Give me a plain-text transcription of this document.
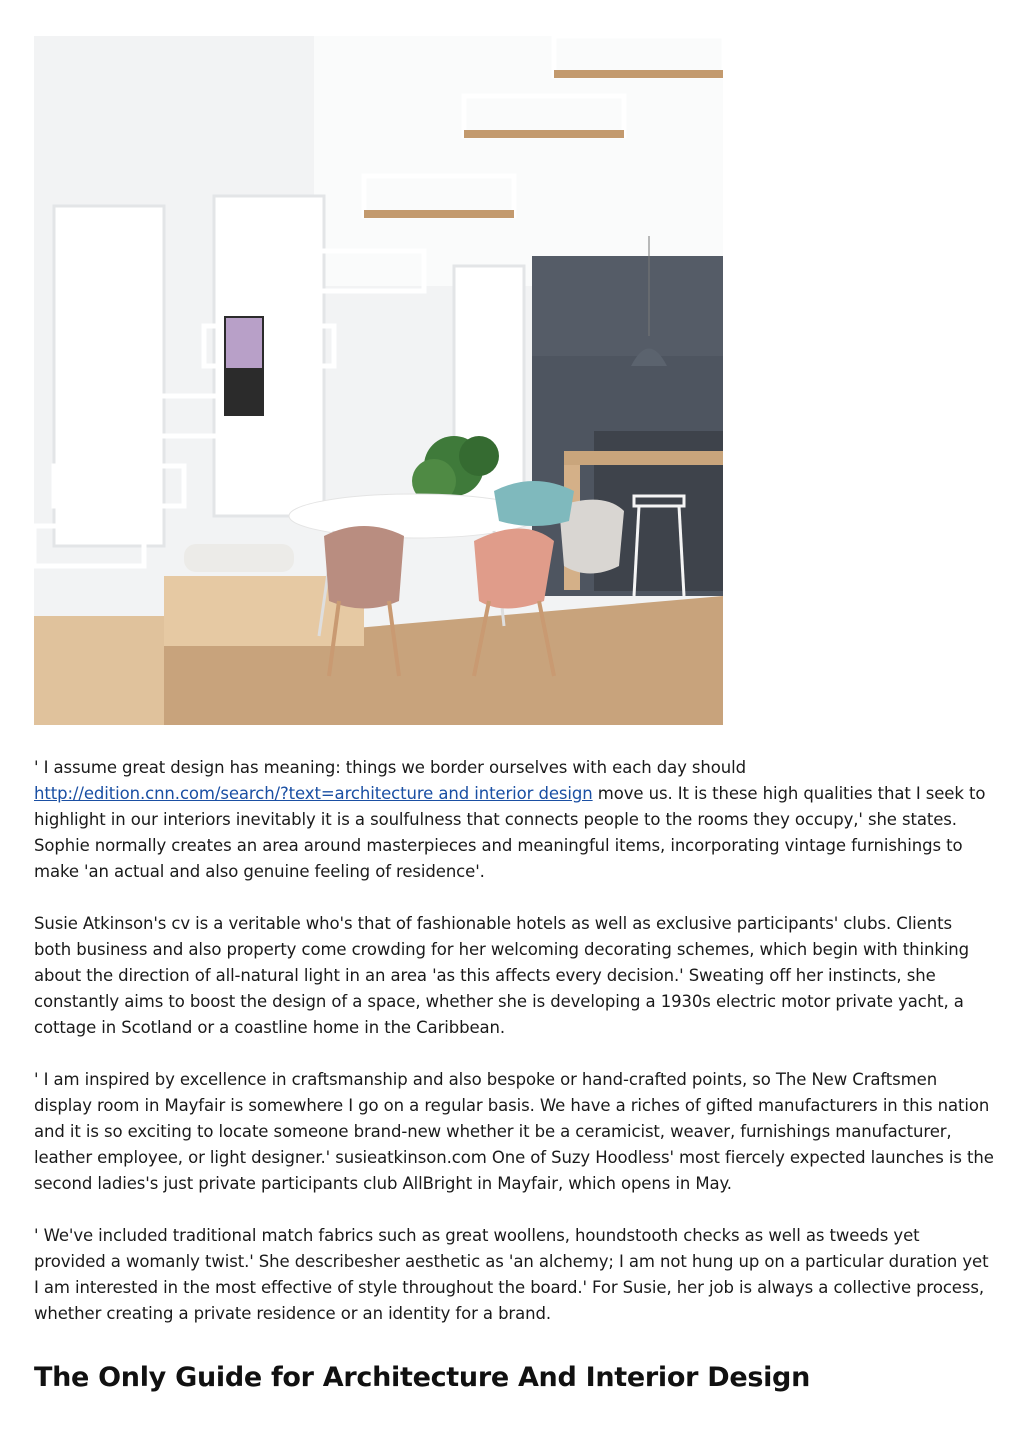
' I assume great design has meaning: things we border ourselves with each day should http://edition.cnn.com/search/?text=architecture and interior design move us. It is these high qualities that I seek to highlight in our interiors inevitably it is a soulfulness that connects people to the rooms they occupy,' she states. Sophie normally creates an area around masterpieces and meaningful items, incorporating vintage furnishings to make 'an actual and also genuine feeling of residence'.

Susie Atkinson's cv is a veritable who's that of fashionable hotels as well as exclusive participants' clubs. Clients both business and also property come crowding for her welcoming decorating schemes, which begin with thinking about the direction of all-natural light in an area 'as this affects every decision.' Sweating off her instincts, she constantly aims to boost the design of a space, whether she is developing a 1930s electric motor private yacht, a cottage in Scotland or a coastline home in the Caribbean.

' I am inspired by excellence in craftsmanship and also bespoke or hand-crafted points, so The New Craftsmen display room in Mayfair is somewhere I go on a regular basis. We have a riches of gifted manufacturers in this nation and it is so exciting to locate someone brand-new whether it be a ceramicist, weaver, furnishings manufacturer, leather employee, or light designer.' susieatkinson.com One of Suzy Hoodless' most fiercely expected launches is the second ladies's just private participants club AllBright in Mayfair, which opens in May.

' We've included traditional match fabrics such as great woollens, houndstooth checks as well as tweeds yet provided a womanly twist.' She describesher aesthetic as 'an alchemy; I am not hung up on a particular duration yet I am interested in the most effective of style throughout the board.' For Susie, her job is always a collective process, whether creating a private residence or an identity for a brand.

The Only Guide for Architecture And Interior Design
